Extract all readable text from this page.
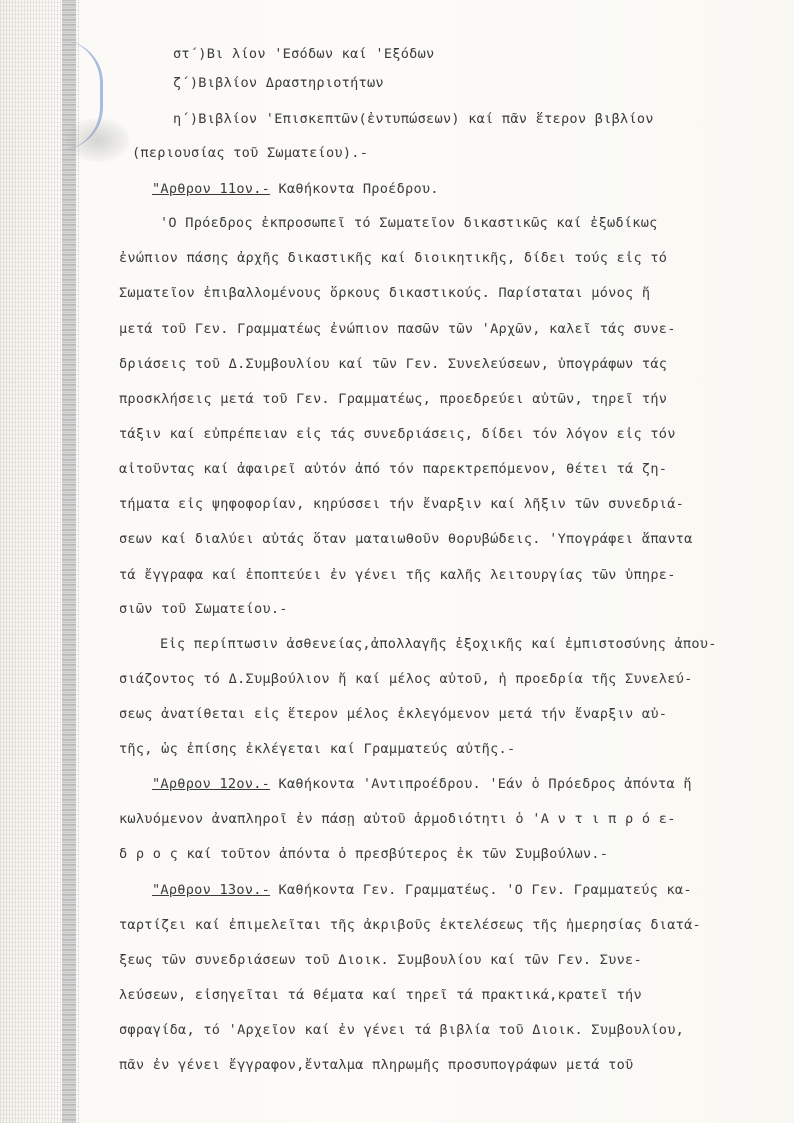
στ΄)Βι λίον 'Εσόδων καί 'Εξόδων
ζ΄)Βιβλίον Δραστηριοτήτων
η΄)Βιβλίον 'Επισκεπτῶν(ἐντυπώσεων) καί πᾶν ἕτερον βιβλίον
(περιουσίας τοῦ Σωματείου).-
"Αρθρον 11ον.- Καθήκοντα Προέδρου.
'Ο Πρόεδρος ἐκπροσωπεῖ τό Σωματεῖον δικαστικῶς καί ἐξωδίκως
ἐνώπιον πάσης ἀρχῆς δικαστικῆς καί διοικητικῆς, δίδει τούς εἰς τό
Σωματεῖον ἐπιβαλλομένους ὅρκους δικαστικούς. Παρίσταται μόνος ἤ
μετά τοῦ Γεν. Γραμματέως ἐνώπιον πασῶν τῶν 'Αρχῶν, καλεῖ τάς συνε-
δριάσεις τοῦ Δ.Συμβουλίου καί τῶν Γεν. Συνελεύσεων, ὑπογράφων τάς
προσκλήσεις μετά τοῦ Γεν. Γραμματέως, προεδρεύει αὐτῶν, τηρεῖ τήν
τάξιν καί εὐπρέπειαν εἰς τάς συνεδριάσεις, δίδει τόν λόγον εἰς τόν
αἰτοῦντας καί ἀφαιρεῖ αὐτόν ἀπό τόν παρεκτρεπόμενον, θέτει τά ζη-
τήματα εἰς ψηφοφορίαν, κηρύσσει τήν ἔναρξιν καί λῆξιν τῶν συνεδριά-
σεων καί διαλύει αὐτάς ὅταν ματαιωθοῦν θορυβώδεις. 'Υπογράφει ἅπαντα
τά ἔγγραφα καί ἐποπτεύει ἐν γένει τῆς καλῆς λειτουργίας τῶν ὑπηρε-
σιῶν τοῦ Σωματείου.-
Εἰς περίπτωσιν ἀσθενείας,ἀπολλαγῆς ἐξοχικῆς καί ἐμπιστοσύνης ἀπου-
σιάζοντος τό Δ.Συμβούλιον ἤ καί μέλος αὐτοῦ, ἡ προεδρία τῆς Συνελεύ-
σεως ἀνατίθεται εἰς ἕτερον μέλος ἐκλεγόμενον μετά τήν ἔναρξιν αὐ-
τῆς, ὡς ἐπίσης ἐκλέγεται καί Γραμματεύς αὐτῆς.-
"Αρθρον 12ον.- Καθήκοντα 'Αντιπροέδρου. 'Εάν ὁ Πρόεδρος ἀπόντα ἤ
κωλυόμενον ἀναπληροῖ ἐν πάσῃ αὐτοῦ ἁρμοδιότητι ὁ 'Α ν τ ι π ρ ό ε-
δ ρ ο ς καί τοῦτον ἀπόντα ὁ πρεσβύτερος ἐκ τῶν Συμβούλων.-
"Αρθρον 13ον.- Καθήκοντα Γεν. Γραμματέως. 'Ο Γεν. Γραμματεύς κα-
ταρτίζει καί ἐπιμελεῖται τῆς ἀκριβοῦς ἐκτελέσεως τῆς ἡμερησίας διατά-
ξεως τῶν συνεδριάσεων τοῦ Διοικ. Συμβουλίου καί τῶν Γεν. Συνε-
λεύσεων, εἰσηγεῖται τά θέματα καί τηρεῖ τά πρακτικά,κρατεῖ τήν
σφραγίδα, τό 'Αρχεῖον καί ἐν γένει τά βιβλία τοῦ Διοικ. Συμβουλίου,
πᾶν ἐν γένει ἔγγραφον,ἔνταλμα πληρωμῆς προσυπογράφων μετά τοῦ
